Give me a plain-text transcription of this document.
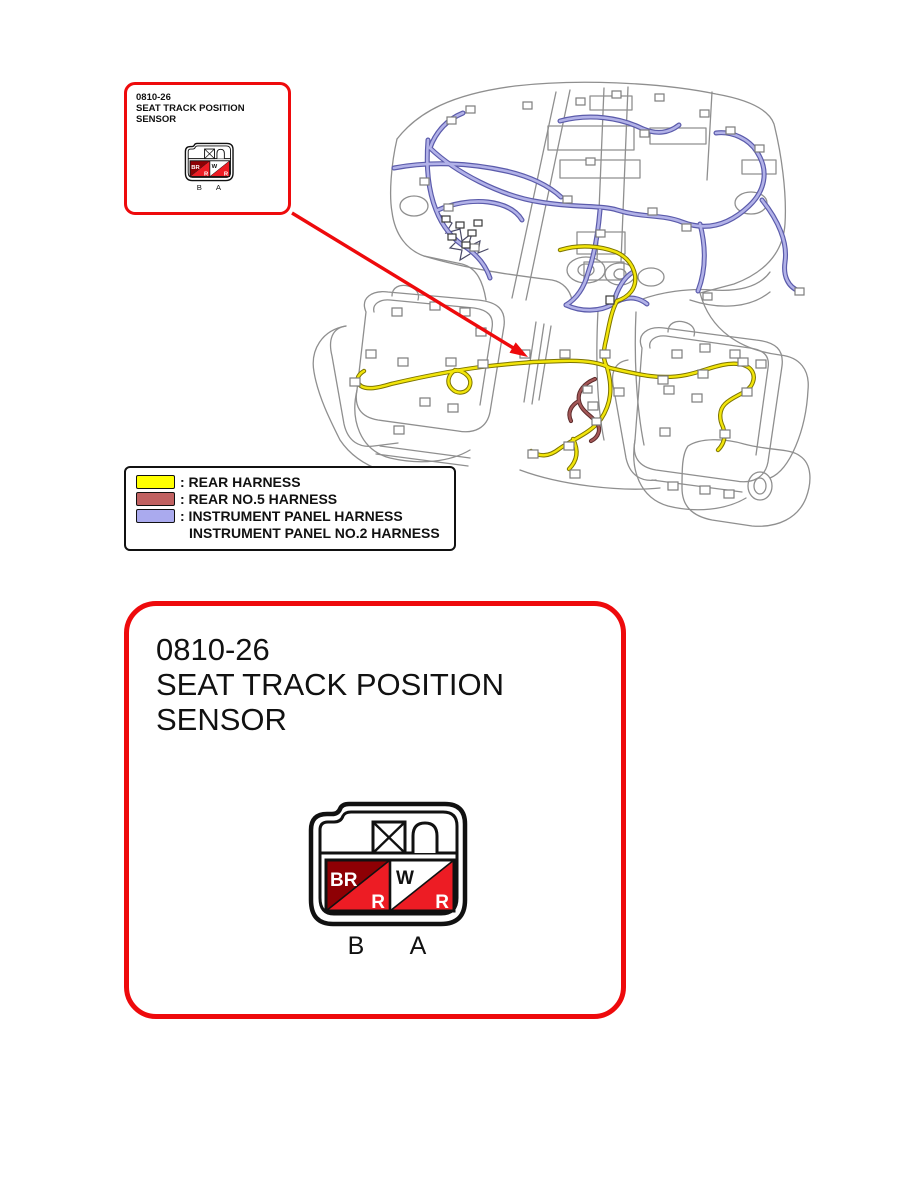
0810-26
SEAT TRACK POSITION
SENSOR
BR
R
W
R
B A
: REAR HARNESS
: REAR NO.5 HARNESS
: INSTRUMENT PANEL HARNESS
INSTRUMENT PANEL NO.2 HARNESS
0810-26
SEAT TRACK POSITION
SENSOR
BR
R
W
R
B A
